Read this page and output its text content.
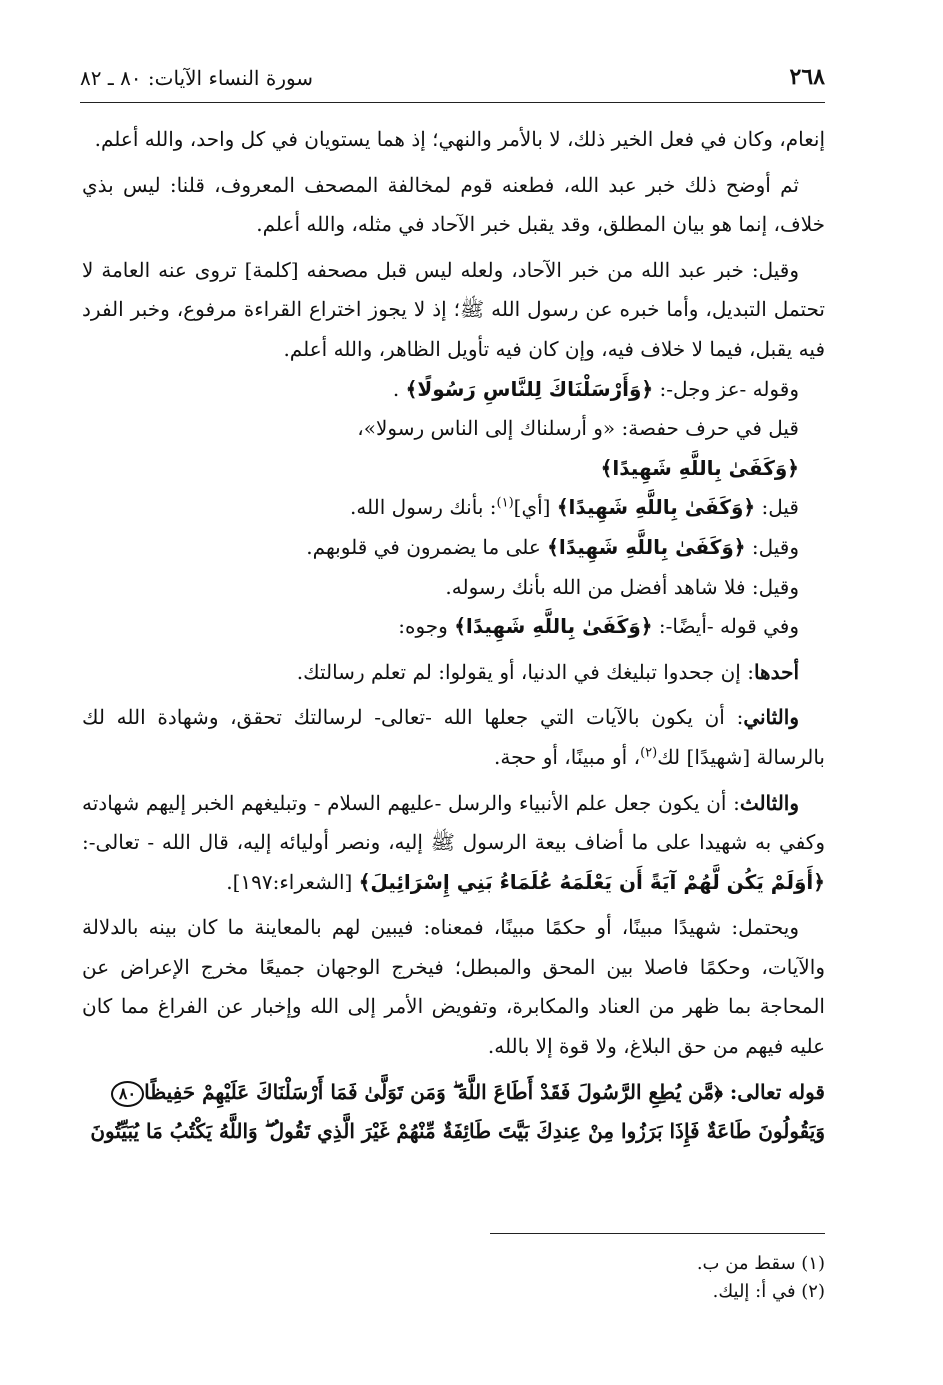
٢٦٨
سورة النساء الآيات: ٨٠ ـ ٨٢

إنعام، وكان في فعل الخير ذلك، لا بالأمر والنهي؛ إذ هما يستويان في كل واحد، والله أعلم.

ثم أوضح ذلك خبر عبد الله، فطعنه قوم لمخالفة المصحف المعروف، قلنا: ليس بذي خلاف، إنما هو بيان المطلق، وقد يقبل خبر الآحاد في مثله، والله أعلم.

وقيل: خبر عبد الله من خبر الآحاد، ولعله ليس قبل مصحفه [كلمة] تروى عنه العامة لا تحتمل التبديل، وأما خبره عن رسول الله ﷺ؛ إذ لا يجوز اختراع القراءة مرفوع، وخبر الفرد فيه يقبل، فيما لا خلاف فيه، وإن كان فيه تأويل الظاهر، والله أعلم.

وقوله -عز وجل-: ﴿وَأَرْسَلْنَاكَ لِلنَّاسِ رَسُولًا﴾ .

قيل في حرف حفصة: «و أرسلناك إلى الناس رسولا»،

﴿وَكَفَىٰ بِاللَّهِ شَهِيدًا﴾

قيل: ﴿وَكَفَىٰ بِاللَّهِ شَهِيدًا﴾ [أي]$^{(١)}$: بأنك رسول الله.

وقيل: ﴿وَكَفَىٰ بِاللَّهِ شَهِيدًا﴾ على ما يضمرون في قلوبهم.

وقيل: فلا شاهد أفضل من الله بأنك رسوله.

وفي قوله -أيضًا-: ﴿وَكَفَىٰ بِاللَّهِ شَهِيدًا﴾ وجوه:

أحدها: إن جحدوا تبليغك في الدنيا، أو يقولوا: لم تعلم رسالتك.

والثاني: أن يكون بالآيات التي جعلها الله -تعالى- لرسالتك تحقق، وشهادة الله لك بالرسالة [شهيدًا] لك$^{(٢)}$، أو مبينًا، أو حجة.

والثالث: أن يكون جعل علم الأنبياء والرسل -عليهم السلام - وتبليغهم الخبر إليهم شهادته وكفي به شهيدا على ما أضاف بيعة الرسول ﷺ إليه، ونصر أوليائه إليه، قال الله - تعالى-: ﴿أَوَلَمْ يَكُن لَّهُمْ آيَةً أَن يَعْلَمَهُ عُلَمَاءُ بَنِي إِسْرَائِيلَ﴾ [الشعراء:١٩٧].

ويحتمل: شهيدًا مبينًا، أو حكمًا مبينًا، فمعناه: فيبين لهم بالمعاينة ما كان بينه بالدلالة والآيات، وحكمًا فاصلا بين المحق والمبطل؛ فيخرج الوجهان جميعًا مخرج الإعراض عن المحاجة بما ظهر من العناد والمكابرة، وتفويض الأمر إلى الله وإخبار عن الفراغ مما كان عليه فيهم من حق البلاغ، ولا قوة إلا بالله.

قوله تعالى: ﴿مَّن يُطِعِ الرَّسُولَ فَقَدْ أَطَاعَ اللَّهَ ۖ وَمَن تَوَلَّىٰ فَمَا أَرْسَلْنَاكَ عَلَيْهِمْ حَفِيظًا٨٠
وَيَقُولُونَ طَاعَةٌ فَإِذَا بَرَزُوا مِنْ عِندِكَ بَيَّتَ طَائِفَةٌ مِّنْهُمْ غَيْرَ الَّذِي تَقُولُ ۖ وَاللَّهُ يَكْتُبُ مَا يُبَيِّتُونَ
(١) سقط من ب.
(٢) في أ: إليك.
